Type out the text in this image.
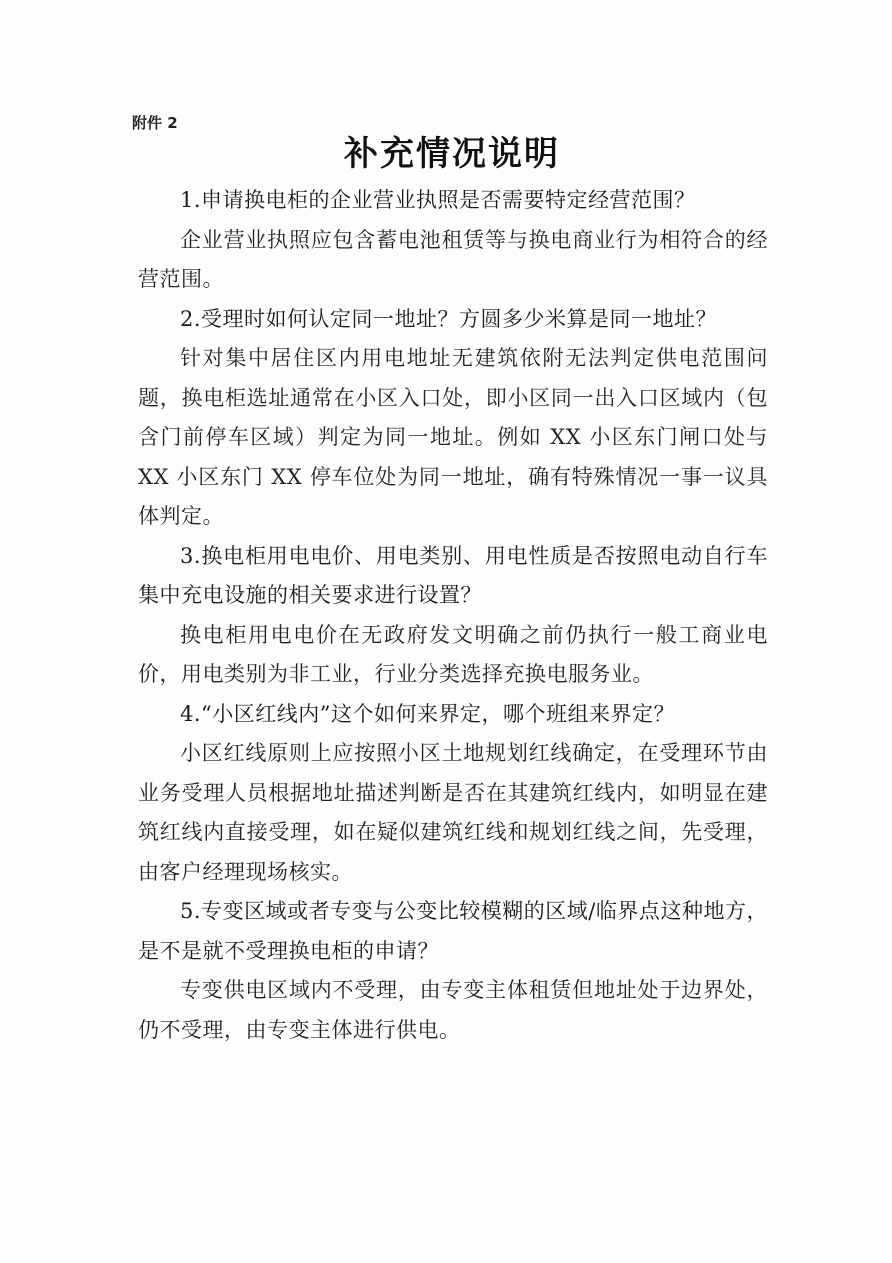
附件 2
补充情况说明

1.申请换电柜的企业营业执照是否需要特定经营范围？

企业营业执照应包含蓄电池租赁等与换电商业行为相符合的经营范围。

2.受理时如何认定同一地址？方圆多少米算是同一地址？

针对集中居住区内用电地址无建筑依附无法判定供电范围问题，换电柜选址通常在小区入口处，即小区同一出入口区域内（包含门前停车区域）判定为同一地址。例如 XX 小区东门闸口处与 XX 小区东门 XX 停车位处为同一地址，确有特殊情况一事一议具体判定。

3.换电柜用电电价、用电类别、用电性质是否按照电动自行车集中充电设施的相关要求进行设置？

换电柜用电电价在无政府发文明确之前仍执行一般工商业电价，用电类别为非工业，行业分类选择充换电服务业。

4.“小区红线内”这个如何来界定，哪个班组来界定？

小区红线原则上应按照小区土地规划红线确定，在受理环节由业务受理人员根据地址描述判断是否在其建筑红线内，如明显在建筑红线内直接受理，如在疑似建筑红线和规划红线之间，先受理，由客户经理现场核实。

5.专变区域或者专变与公变比较模糊的区域/临界点这种地方，是不是就不受理换电柜的申请？

专变供电区域内不受理，由专变主体租赁但地址处于边界处，仍不受理，由专变主体进行供电。
